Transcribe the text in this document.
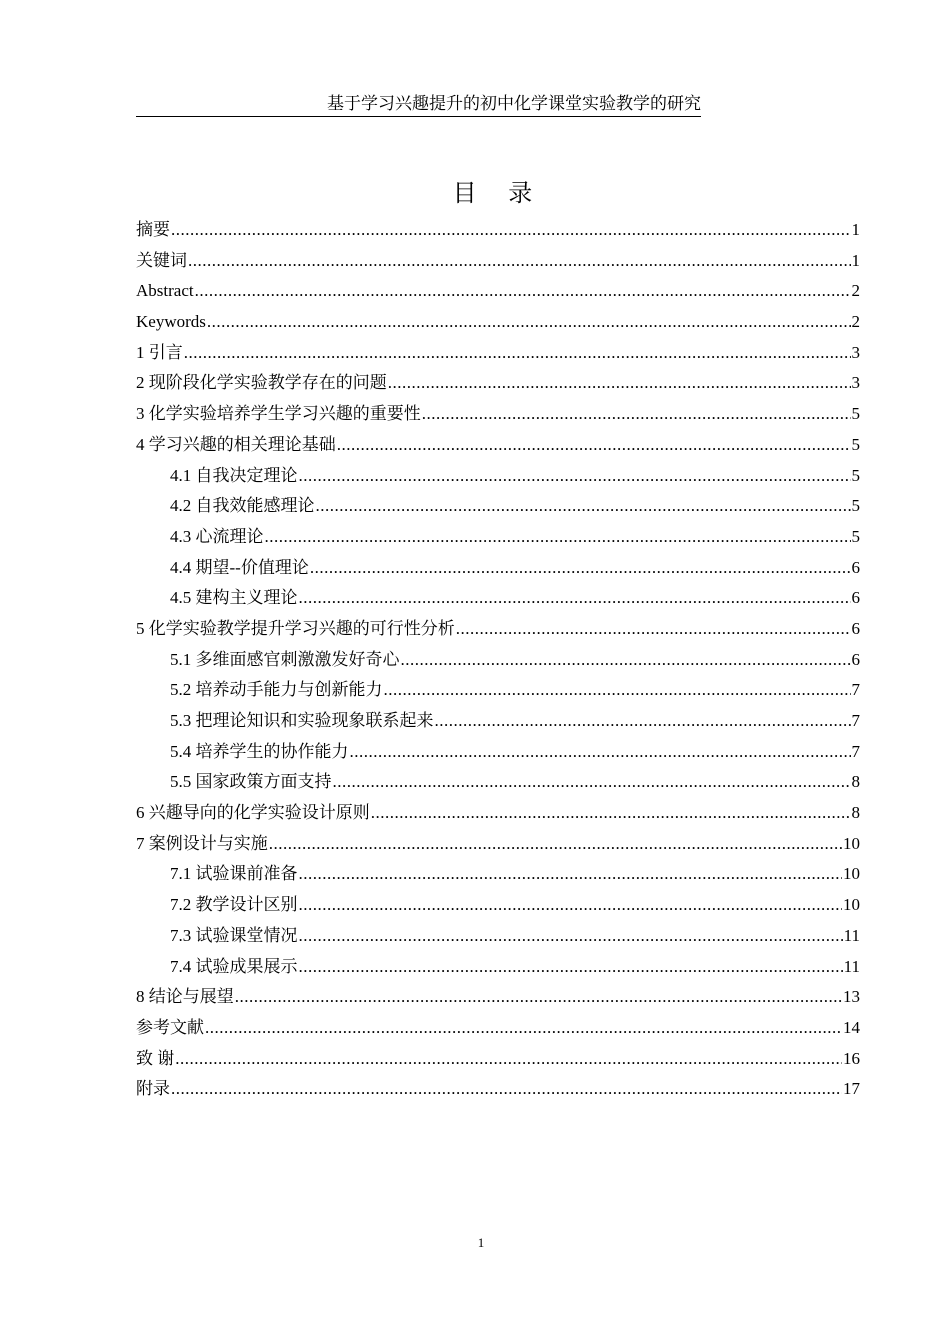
基于学习兴趣提升的初中化学课堂实验教学的研究
目 录
摘要 .....	1
关键词 .....	1
Abstract .....	2
Keywords .....	2
1 引言 .....	3
2 现阶段化学实验教学存在的问题 .....	3
3 化学实验培养学生学习兴趣的重要性 .....	5
4 学习兴趣的相关理论基础 .....	5
4.1 自我决定理论 .....	5
4.2 自我效能感理论 .....	5
4.3 心流理论 .....	5
4.4 期望--价值理论 .....	6
4.5 建构主义理论 .....	6
5 化学实验教学提升学习兴趣的可行性分析 .....	6
5.1 多维面感官刺激激发好奇心 .....	6
5.2 培养动手能力与创新能力 .....	7
5.3 把理论知识和实验现象联系起来 .....	7
5.4 培养学生的协作能力 .....	7
5.5 国家政策方面支持 .....	8
6 兴趣导向的化学实验设计原则 .....	8
7 案例设计与实施 .....	10
7.1 试验课前准备 .....	10
7.2 教学设计区别 .....	10
7.3 试验课堂情况 .....	11
7.4 试验成果展示 .....	11
8 结论与展望 .....	13
参考文献 .....	14
致 谢 .....	16
附录 .....	17
1
